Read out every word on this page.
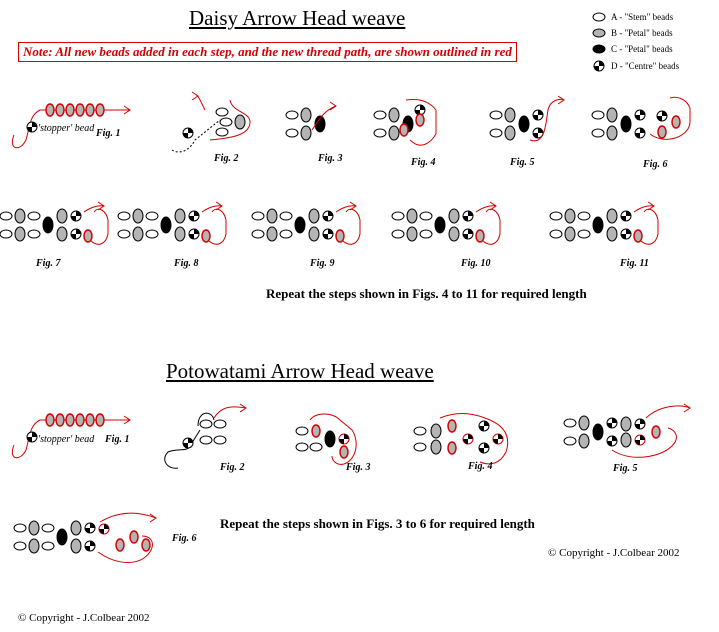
Daisy Arrow Head weave
Note: All new beads added in each step, and the new thread path, are shown outlined in red
A - "Stem" beads
B - "Petal" beads
C - "Petal" beads
D - "Centre" beads
'stopper' bead Fig. 1
Fig. 2	Fig. 3	Fig. 4	Fig. 5	Fig. 6
Fig. 7	Fig. 8	Fig. 9	Fig. 10	Fig. 11
Repeat the steps shown in Figs. 4 to 11 for required length
Potowatami Arrow Head weave
'stopper' bead Fig. 1
Fig. 2	Fig. 3	Fig. 4	Fig. 5
Fig. 6
Repeat the steps shown in Figs. 3 to 6 for required length
© Copyright - J.Colbear 2002
© Copyright - J.Colbear 2002
